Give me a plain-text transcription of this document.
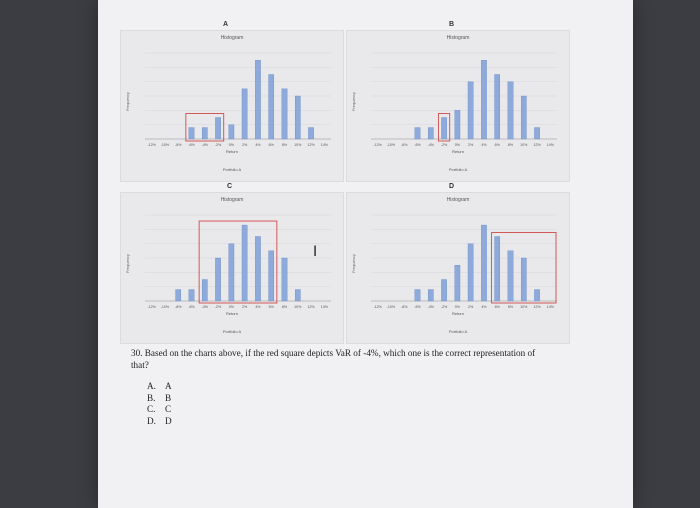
A
Histogram
Frequency
-12% -10% -8% -6% -4% -2% 0% 2% 4% 6% 8% 10% 12% 14%
Return
Portfolio A
B
Histogram
Frequency
-12% -10% -8% -6% -4% -2% 0% 2% 4% 6% 8% 10% 12% 14%
Return
Portfolio A
C
Histogram
Frequency
-12% -10% -8% -6% -4% -2% 0% 2% 4% 6% 8% 10% 12% 14%
Return
Portfolio A
D
Histogram
Frequency
-12% -10% -8% -6% -4% -2% 0% 2% 4% 6% 8% 10% 12% 14%
Return
Portfolio A
I
30. Based on the charts above, if the red square depicts VaR of -4%, which one is the correct representation of that?
A. A
B.	B
C.	C
D. D
